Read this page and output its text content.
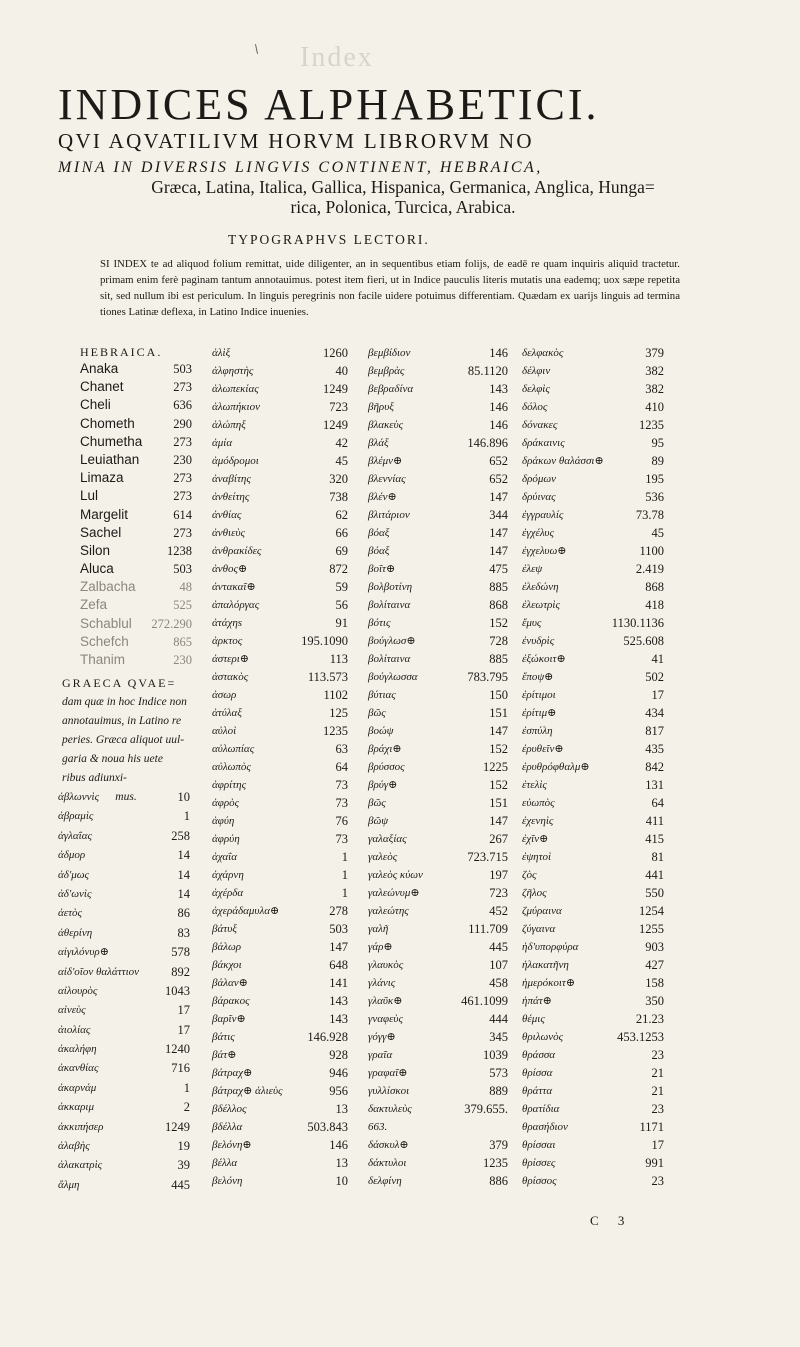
Index
INDICES ALPHABETICI.
QVI AQVATILIVM HORVM LIBRORVM NO
MINA IN DIVERSIS LINGVIS CONTINENT, HEBRAICA,
Græca, Latina, Italica, Gallica, Hispanica, Germanica, Anglica, Hunga=
rica, Polonica, Turcica, Arabica.
TYPOGRAPHVS LECTORI.
SI INDEX te ad aliquod folium remittat, uide diligenter, an in sequentibus etiam folijs, de eadē re quam inquiris aliquid tractetur. primam enim ferè paginam tantum annotauimus. potest item fieri, ut in Indice pauculis literis mutatis una eademq; uox sæpe repetita sit, sed nullum ibi est periculum. In linguis peregrinis non facile uidere potuimus differentiam. Quædam ex uarijs linguis ad termina tiones Latinæ deflexa, in Latino Indice inuenies.
HEBRAICA.
Anaka	503
Chanet	273
Cheli	636
Chometh	290
Chumetha 273
Leuiathan	230
Limaza	273
Lul	273
Margelit	614
Sachel	273
Silon	1238
Aluca	503
Zalbacha	48
Zefa	525
Schablul 272.290
Schefch	865
Thanim	230
GRAECA QVAE=
dam quæ in hoc Indice non
annotauimus, in Latino re
peries. Græca aliquot uul-
garia & noua his uete
ribus adiunxi-
mus.
ἀβλωννὶς	10
ἀβραμὶς	1
ἀγλαΐας	258
ἀδμορ	14
ἀδ'μως	14
ἀδ'ωνὶς	14
ἀετὸς	86
ἀθερίνη	83
αἰγιλόνυρ⊕	578
αἰδ'οῖον θαλάττιον	892
αἰλουρὸς	1043
αἰνεὺς	17
ἀιολίας	17
ἀκαλήφη	1240
ἀκανθίας	716
ἀκαρνάμ	1
ἀκκαριμ	2
ἀκκιπήσερ	1249
ἀλαβὴς	19
ἀλακατρὶς	39
ἄλμη	445
ἀλὶξ	1260
ἀλφηστὴς	40
ἀλωπεκίας	1249
ἀλωπήκιον	723
ἀλώπηξ	1249
ἀμία	42
ἀμόδρομοι	45
ἀναβίτης	320
ἀνθείτης	738
ἀνθίας	62
ἀνθιεὺς	66
ἀνθρακίδες	69
ἀνθος⊕	872
ἀντακαῖ⊕	59
ἀπαλόργας	56
ἀτάχηs	91
ἀρκτος	195.1090
ἀστερι⊕	113
ἀστακὸς	113.573
ἀσωρ	1102
ἀτύλαξ	125
αὐλοὶ	1235
αὐλωπίας	63
αὐλωπὸς	64
ἀφρίτης	73
ἀφρὸς	73
ἀφύη	76
ἀφρύη	73
ἀχαΐα	1
ἀχάρνη	1
ἀχέρδα	1
ἀχεράδαμυλα⊕	278
βάτυξ	503
βάλωρ	147
βάκχοι	648
βάλαν⊕	141
βάρακος	143
βαρῖν⊕	143
βάτις	146.928
βάτ⊕	928
βάτραχ⊕	946
βάτραχ⊕ ἁλιεὺς	956
βδέλλος	13
βδέλλα	503.843
βελόνη⊕	146
βέλλα	13
βελόνη	10
βεμβίδιον	146
βεμβρὰς	85.1120
βεβραδίνα	143
βῆρυξ	146
βλακεὺς	146
βλάξ	146.896
βλέμν⊕	652
βλεννίας	652
βλέν⊕	147
βλιτάριον	344
βόαξ	147
βόαξ	147
βοῖτ⊕	475
βολβοτίνη	885
βολίταινα	868
βότις	152
βούγλωσ⊕	728
βολίταινα	885
βούγλωσσα	783.795
βύτιας	150
βῶς	151
βοώψ	147
βράχι⊕	152
βρύσσος	1225
βρύγ⊕	152
βῶς	151
βῶψ	147
γαλαξίας	267
γαλεὸς	723.715
γαλεὸς κύων	197
γαλεώνυμ⊕	723
γαλεώτης	452
γαλῆ	111.709
γάρ⊕	445
γλαυκὸς	107
γλάνις	458
γλαῦκ⊕	461.1099
γναφεὺς	444
γόγγ⊕	345
γραῖα	1039
γραφαῖ⊕	573
γυλλίσκοι	889
δακτυλεὺς	379.655.
663.
δάσκυλ⊕	379
δάκτυλοι	1235
δελφίνη	886
δελφακὸς	379
δέλφιν	382
δελφὶς	382
δόλος	410
δόνακες	1235
δράκαινις	95
δράκων θαλάσσι⊕	89
δρόμων	195
δρύινας	536
ἐγγραυλίς	73.78
ἐγχέλυς	45
ἐγχελυω⊕	1100
ἐλεψ	2.419
ἐλεδώνη	868
ἐλεωτρὶς	418
ἔμυς	1130.1136
ἐνυδρὶς	525.608
ἐξώκοιτ⊕	41
ἔποψ⊕	502
ἐρίτιμοι	17
ἐρίτιμ⊕	434
ἐσπύλη	817
ἐρυθεῖν⊕	435
ἐρυθρόφθαλμ⊕	842
ἐτελὶς	131
εὐωπὸς	64
ἐχενηὶς	411
ἐχῖν⊕	415
ἐψητοὶ	81
ζὸς	441
ζῆλος	550
ζμύραινα	1254
ζύγαινα	1255
ἡδ'υπορφύρα	903
ἡλακατῆνη	427
ἡμερόκοιτ⊕	158
ἡπάτ⊕	350
θέμις	21.23
θριλωνὸς	453.1253
θράσσα	23
θρίσσα	21
θράττα	21
θρατίδια	23
θρασήδιον	1171
θρίσσαι	17
θρίσσες	991
θρίσσος	23
C 3
